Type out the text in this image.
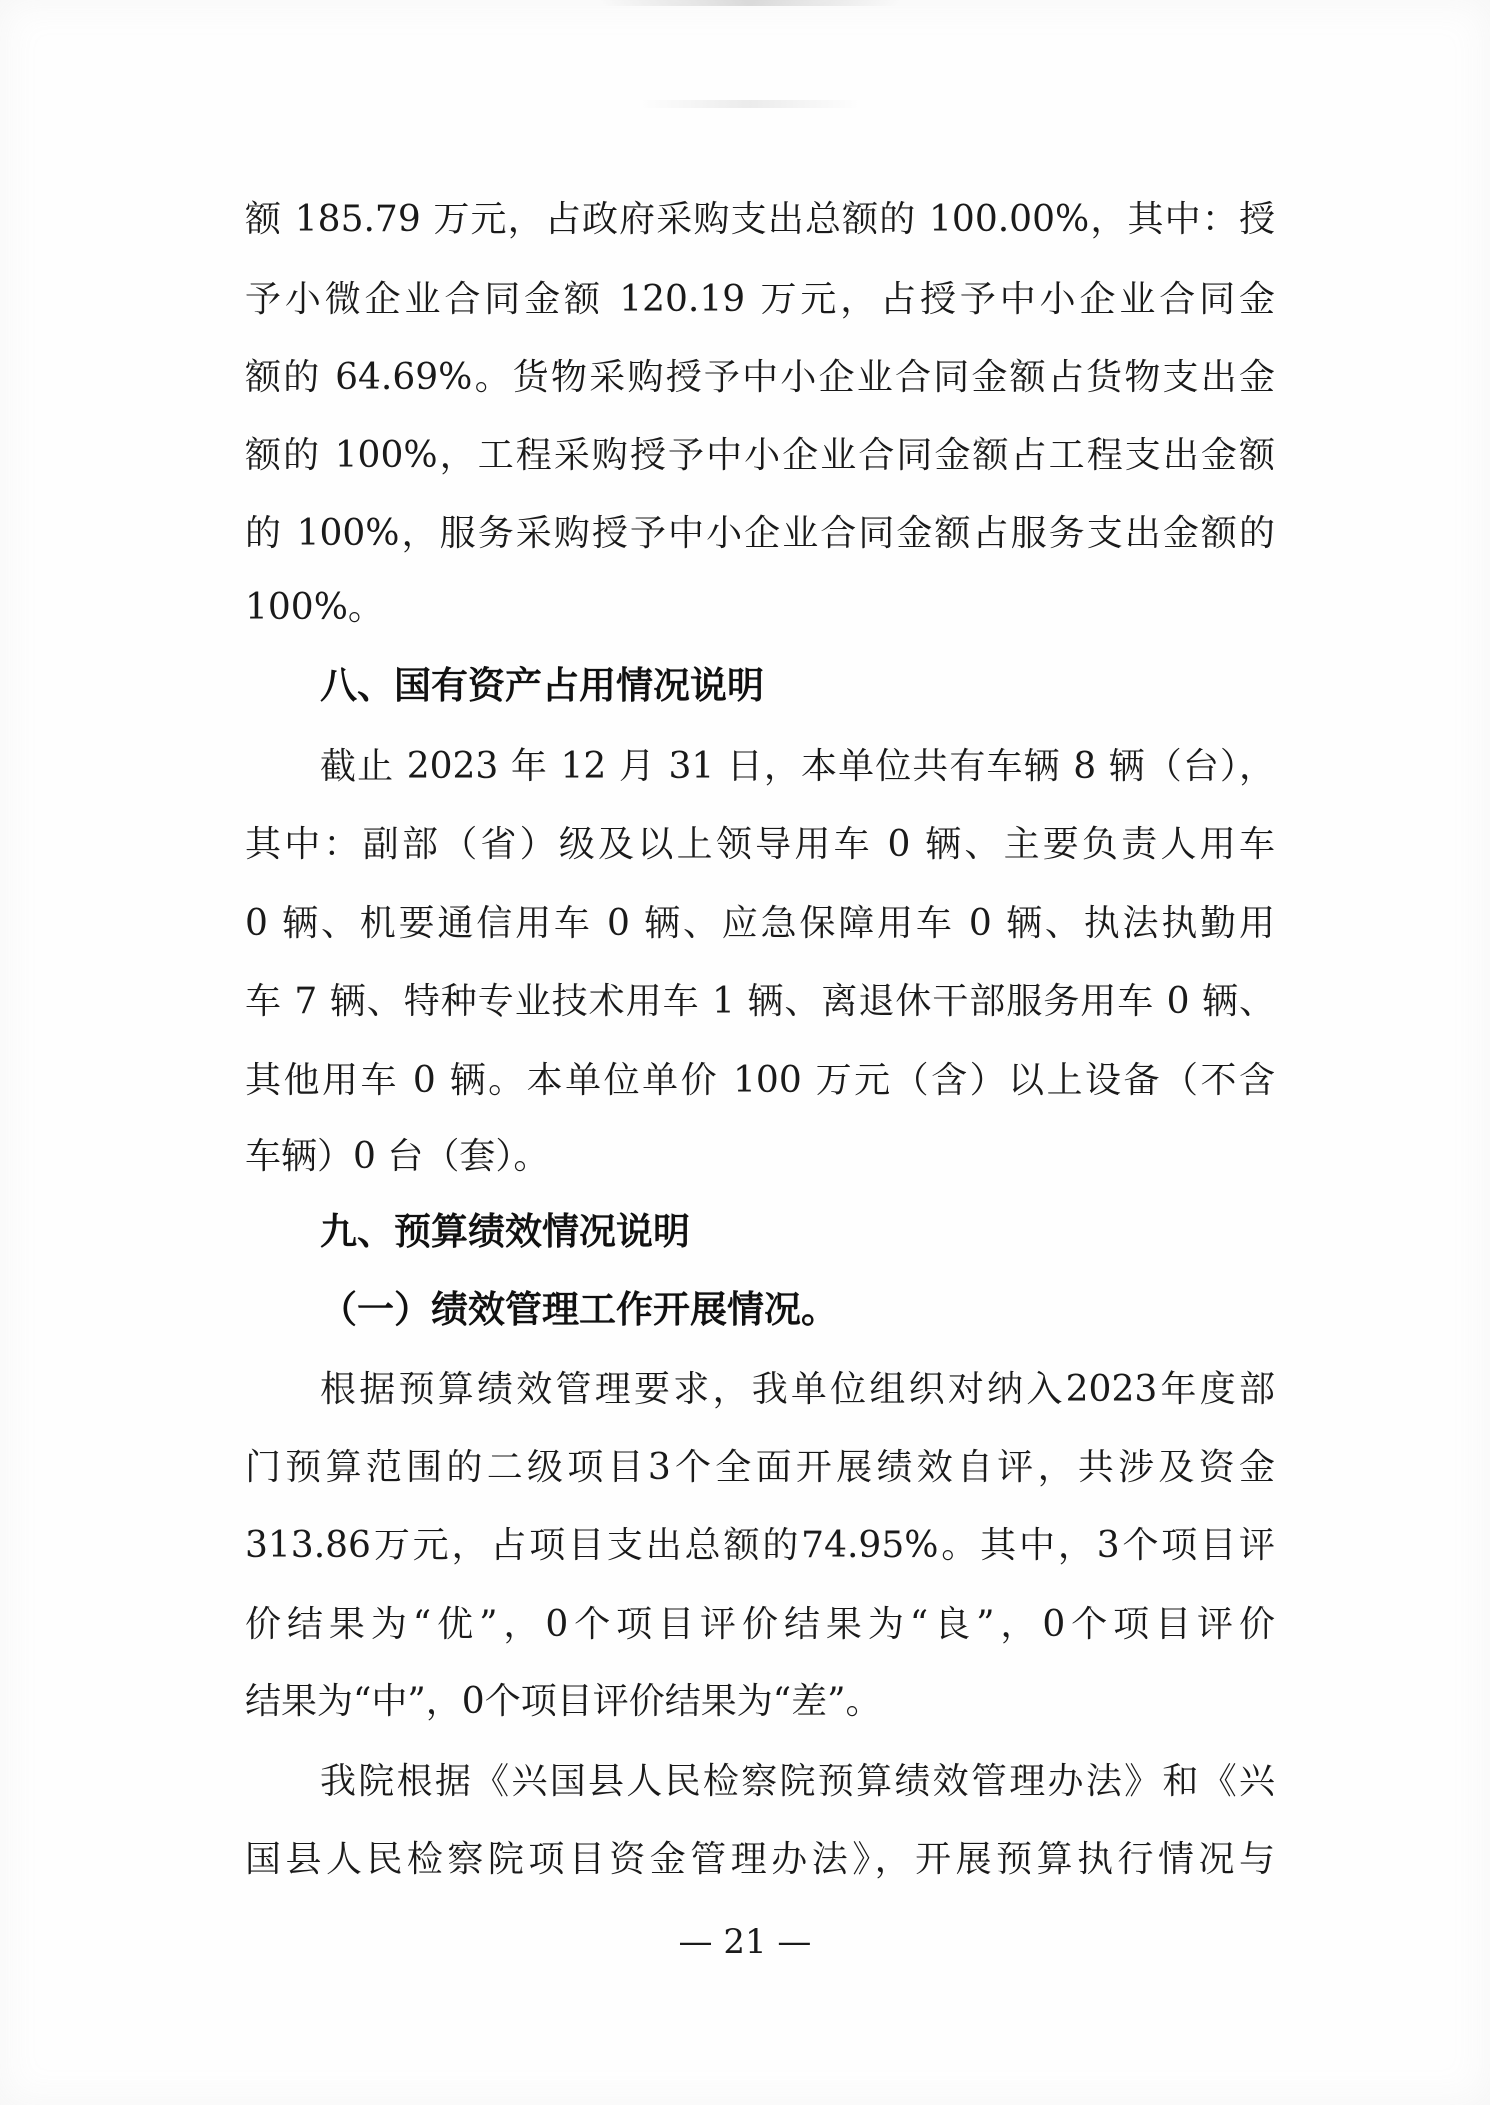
额 185.79 万元，占政府采购支出总额的 100.00%，其中：授
予小微企业合同金额 120.19 万元，占授予中小企业合同金
额的 64.69%。货物采购授予中小企业合同金额占货物支出金
额的 100%，工程采购授予中小企业合同金额占工程支出金额
的 100%，服务采购授予中小企业合同金额占服务支出金额的
100%。
八、国有资产占用情况说明
截止 2023 年 12 月 31 日，本单位共有车辆 8 辆（台），
其中：副部（省）级及以上领导用车 0 辆、主要负责人用车
0 辆、机要通信用车 0 辆、应急保障用车 0 辆、执法执勤用
车 7 辆、特种专业技术用车 1 辆、离退休干部服务用车 0 辆、
其他用车 0 辆。本单位单价 100 万元（含）以上设备（不含
车辆）0 台（套）。
九、预算绩效情况说明
（一）绩效管理工作开展情况。
根据预算绩效管理要求，我单位组织对纳入2023年度部
门预算范围的二级项目3个全面开展绩效自评，共涉及资金
313.86万元，占项目支出总额的74.95%。其中，3个项目评
价结果为“优”，0个项目评价结果为“良”，0个项目评价
结果为“中”，0个项目评价结果为“差”。
我院根据《兴国县人民检察院预算绩效管理办法》和《兴
国县人民检察院项目资金管理办法》，开展预算执行情况与
— 21 —
